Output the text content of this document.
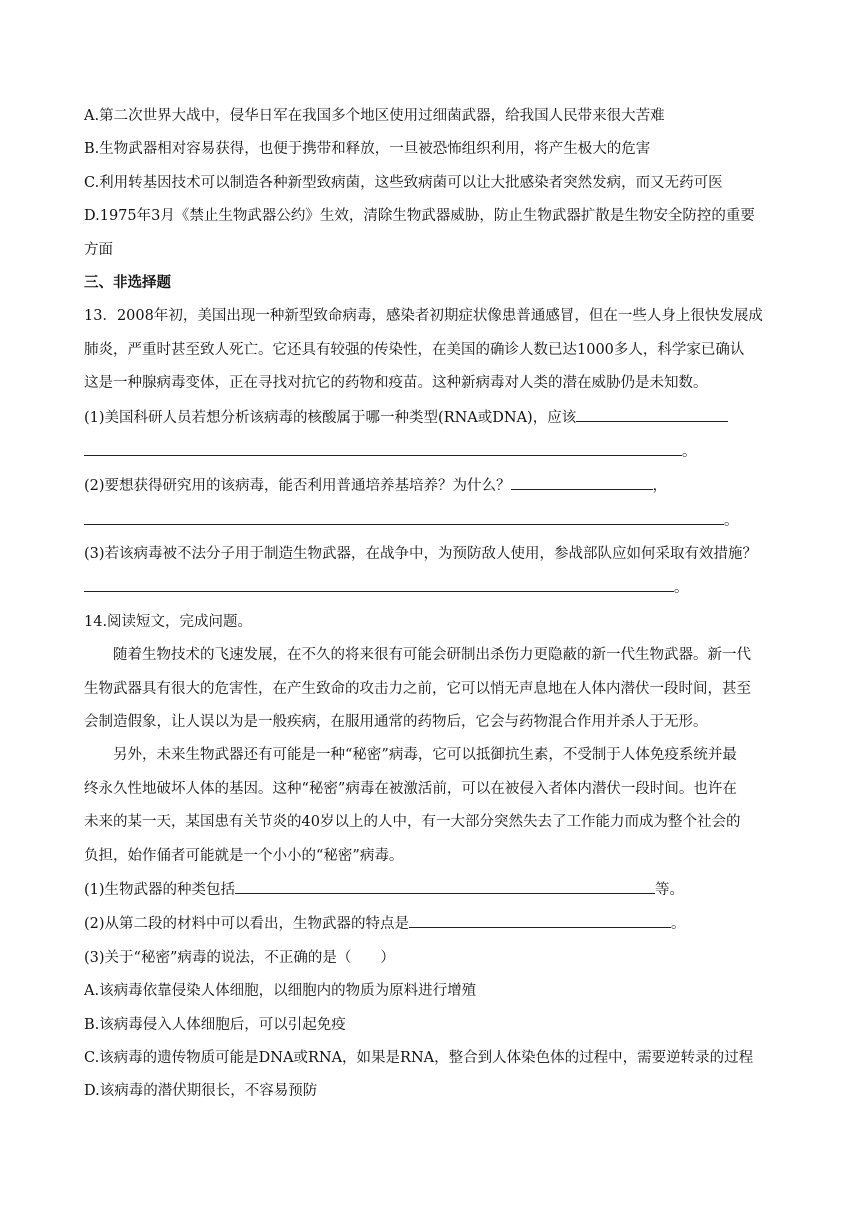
A.第二次世界大战中，侵华日军在我国多个地区使用过细菌武器，给我国人民带来很大苦难
B.生物武器相对容易获得，也便于携带和释放，一旦被恐怖组织利用，将产生极大的危害
C.利用转基因技术可以制造各种新型致病菌，这些致病菌可以让大批感染者突然发病，而又无药可医
D.1975年3月《禁止生物武器公约》生效，清除生物武器威胁，防止生物武器扩散是生物安全防控的重要
方面
三、非选择题
13．2008年初，美国出现一种新型致命病毒，感染者初期症状像患普通感冒，但在一些人身上很快发展成
肺炎，严重时甚至致人死亡。它还具有较强的传染性，在美国的确诊人数已达1000多人，科学家已确认
这是一种腺病毒变体，正在寻找对抗它的药物和疫苗。这种新病毒对人类的潜在威胁仍是未知数。
(1)美国科研人员若想分析该病毒的核酸属于哪一种类型(RNA或DNA)，应该
。
(2)要想获得研究用的该病毒，能否利用普通培养基培养？为什么？	，
。
(3)若该病毒被不法分子用于制造生物武器，在战争中，为预防敌人使用，参战部队应如何采取有效措施？
。
14.阅读短文，完成问题。
随着生物技术的飞速发展，在不久的将来很有可能会研制出杀伤力更隐蔽的新一代生物武器。新一代
生物武器具有很大的危害性，在产生致命的攻击力之前，它可以悄无声息地在人体内潜伏一段时间，甚至
会制造假象，让人误以为是一般疾病，在服用通常的药物后，它会与药物混合作用并杀人于无形。
另外，未来生物武器还有可能是一种“秘密”病毒，它可以抵御抗生素，不受制于人体免疫系统并最
终永久性地破坏人体的基因。这种“秘密”病毒在被激活前，可以在被侵入者体内潜伏一段时间。也许在
未来的某一天，某国患有关节炎的40岁以上的人中，有一大部分突然失去了工作能力而成为整个社会的
负担，始作俑者可能就是一个小小的“秘密”病毒。
(1)生物武器的种类包括	等。
(2)从第二段的材料中可以看出，生物武器的特点是	。
(3)关于“秘密”病毒的说法，不正确的是（　　）
A.该病毒依靠侵染人体细胞，以细胞内的物质为原料进行增殖
B.该病毒侵入人体细胞后，可以引起免疫
C.该病毒的遗传物质可能是DNA或RNA，如果是RNA，整合到人体染色体的过程中，需要逆转录的过程
D.该病毒的潜伏期很长，不容易预防
